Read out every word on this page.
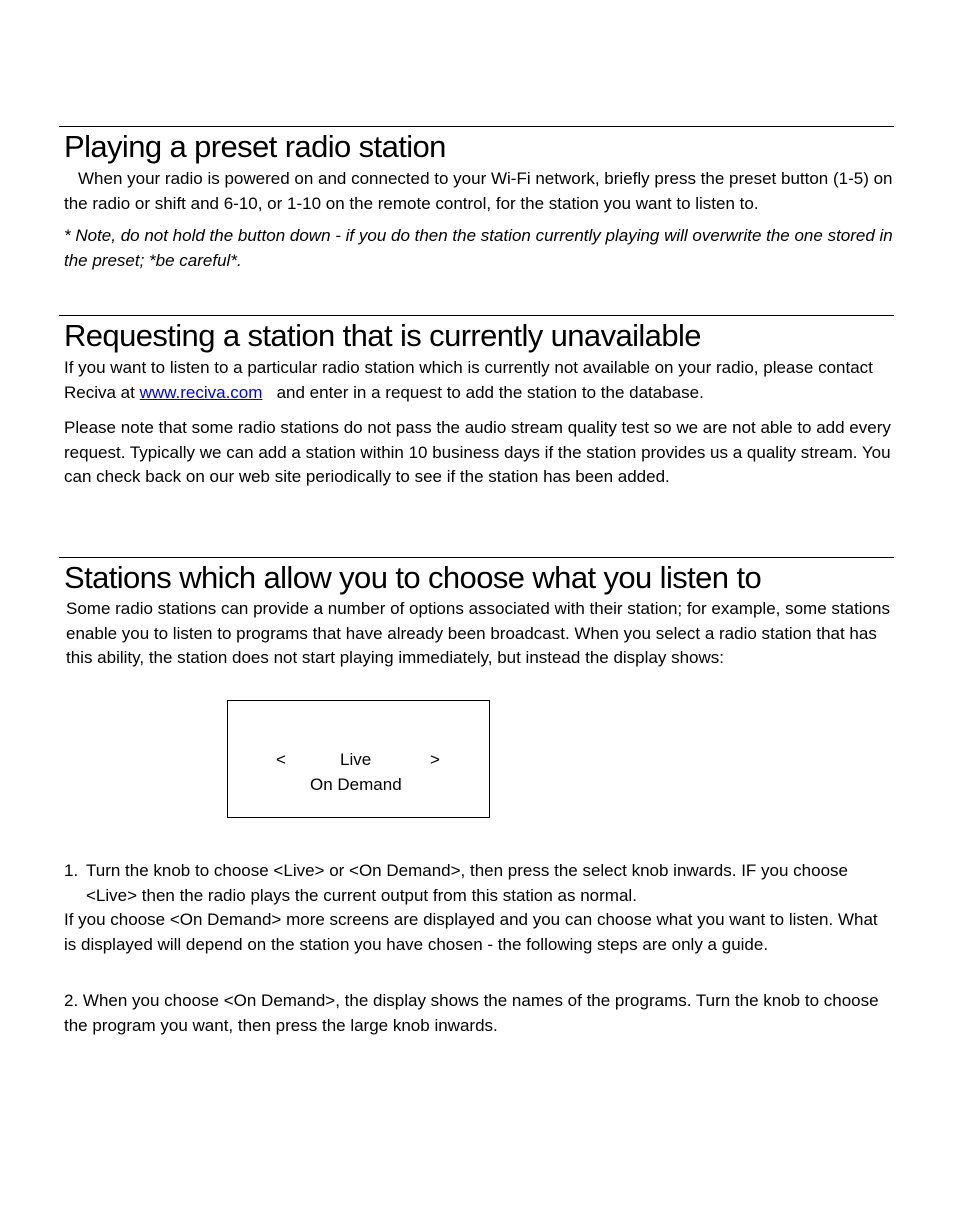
Playing a preset radio station

When your radio is powered on and connected to your Wi-Fi network, briefly press the preset button (1-5) on the radio or shift and 6-10, or 1-10 on the remote control, for the station you want to listen to.

* Note, do not hold the button down - if you do then the station currently playing will overwrite the one stored in the preset; *be careful*.

Requesting a station that is currently unavailable

If you want to listen to a particular radio station which is currently not available on your radio, please contact Reciva at www.reciva.com and enter in a request to add the station to the database.

Please note that some radio stations do not pass the audio stream quality test so we are not able to add every request. Typically we can add a station within 10 business days if the station provides us a quality stream. You can check back on our web site periodically to see if the station has been added.

Stations which allow you to choose what you listen to

Some radio stations can provide a number of options associated with their station; for example, some stations enable you to listen to programs that have already been broadcast. When you select a radio station that has this ability, the station does not start playing immediately, but instead the display shows:

<	Live	>
On Demand
1. Turn the knob to choose <Live> or <On Demand>, then press the select knob inwards. IF you choose <Live> then the radio plays the current output from this station as normal.

If you choose <On Demand> more screens are displayed and you can choose what you want to listen. What is displayed will depend on the station you have chosen - the following steps are only a guide.

2. When you choose <On Demand>, the display shows the names of the programs. Turn the knob to choose the program you want, then press the large knob inwards.
